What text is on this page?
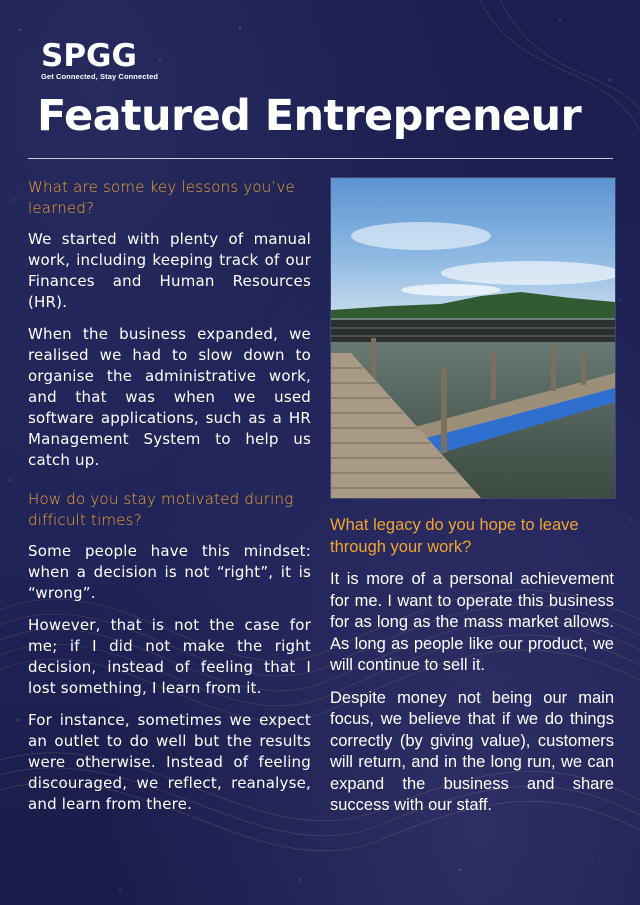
SPGG
Get Connected, Stay Connected
Featured Entrepreneur

What are some key lessons you’ve learned?

We started with plenty of manual work, including keeping track of our Finances and Human Resources (HR).

When the business expanded, we realised we had to slow down to organise the administrative work, and that was when we used software applications, such as a HR Management System to help us catch up.

How do you stay motivated during difficult times?

Some people have this mindset: when a decision is not “right”, it is “wrong”.

However, that is not the case for me; if I did not make the right decision, instead of feeling that I lost something, I learn from it.

For instance, sometimes we expect an outlet to do well but the results were otherwise. Instead of feeling discouraged, we reflect, reanalyse, and learn from there.

What legacy do you hope to leave through your work?

It is more of a personal achievement for me. I want to operate this business for as long as the mass market allows. As long as people like our product, we will continue to sell it.

Despite money not being our main focus, we believe that if we do things correctly (by giving value), customers will return, and in the long run, we can expand the business and share success with our staff.
